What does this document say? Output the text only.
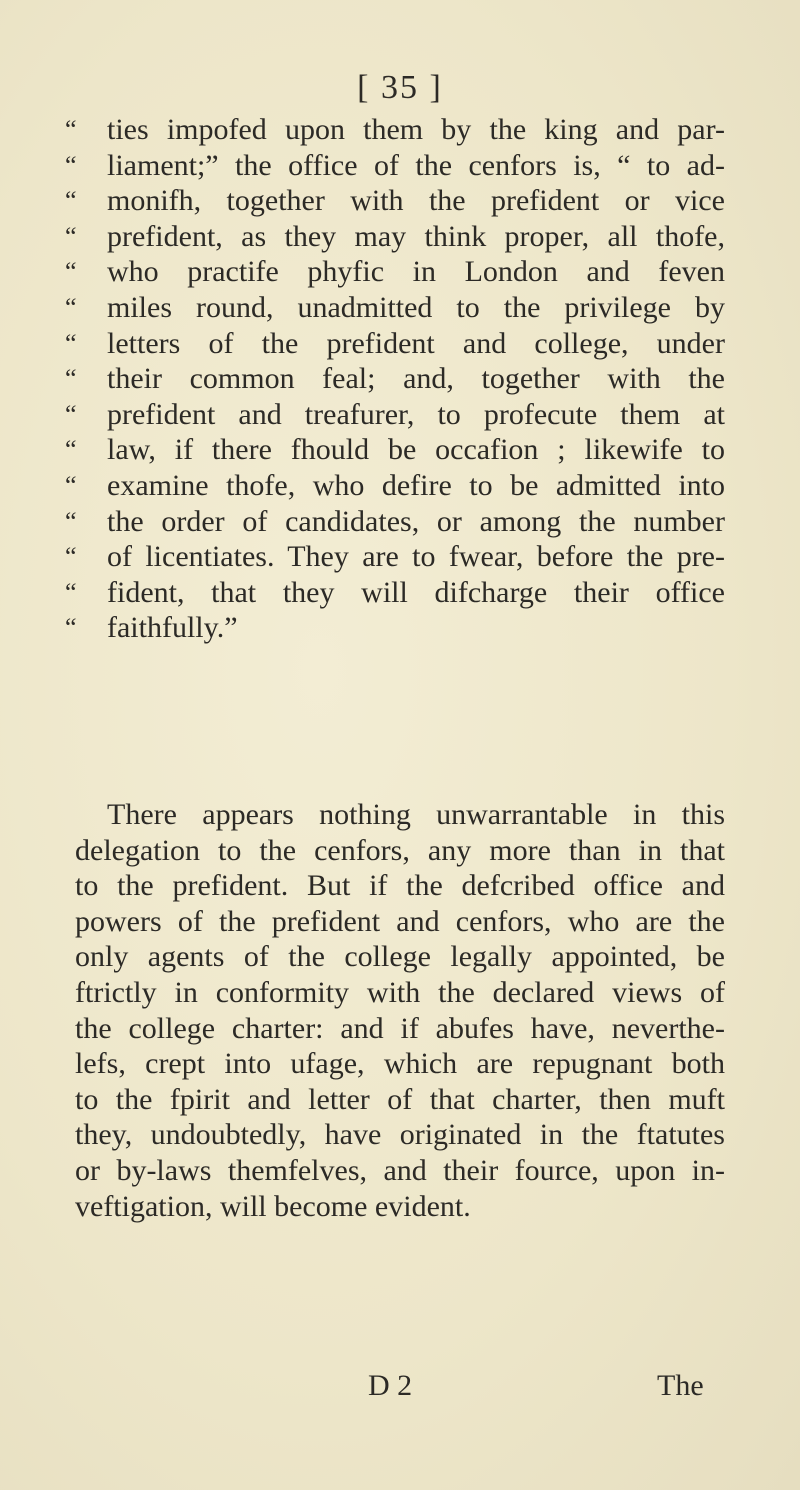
[ 35 ]
“	ties impofed upon them by the king and par-
“	liament;” the office of the cenfors is, “ to ad-
“	monifh, together with the prefident or vice
“	prefident, as they may think proper, all thofe,
“	who practife phyfic in London and feven
“	miles round, unadmitted to the privilege by
“	letters of the prefident and college, under
“	their common feal; and, together with the
“	prefident and treafurer, to profecute them at
“	law, if there fhould be occafion ; likewife to
“	examine thofe, who defire to be admitted into
“	the order of candidates, or among the number
“	of licentiates. They are to fwear, before the pre-
“	fident, that they will difcharge their office
“	faithfully.”
There appears nothing unwarrantable in this
delegation to the cenfors, any more than in that
to the prefident. But if the defcribed office and
powers of the prefident and cenfors, who are the
only agents of the college legally appointed, be
ftrictly in conformity with the declared views of
the college charter: and if abufes have, neverthe-
lefs, crept into ufage, which are repugnant both
to the fpirit and letter of that charter, then muft
they, undoubtedly, have originated in the ftatutes
or by-laws themfelves, and their fource, upon in-
veftigation, will become evident.
D 2	The
